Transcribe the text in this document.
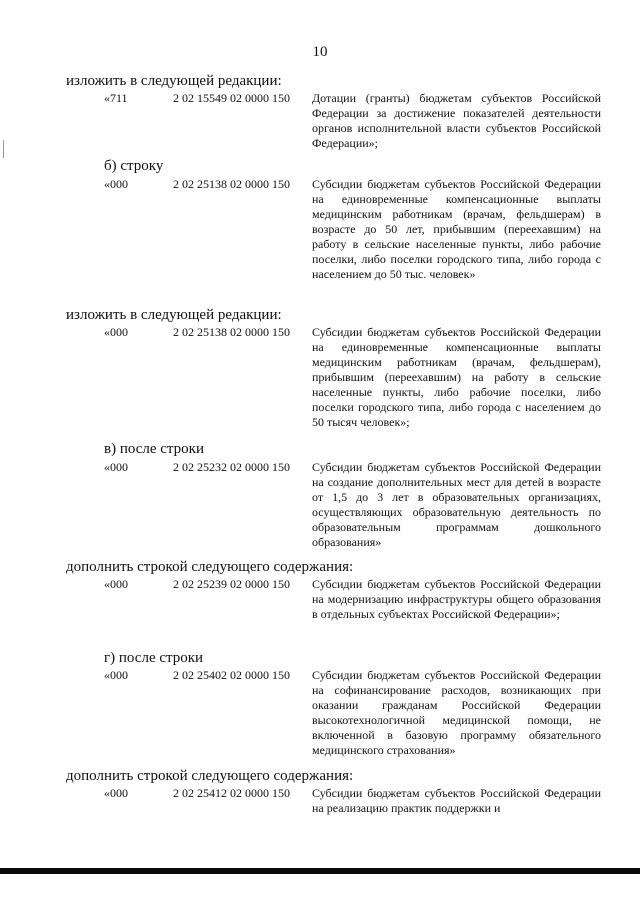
10
изложить в следующей редакции:
«711	2 02 15549 02 0000 150 Дотации (гранты) бюджетам субъектов Российской Федерации за достижение показателей деятельности органов исполнительной власти субъектов Российской Федерации»;
б) строку
«000	2 02 25138 02 0000 150 Субсидии бюджетам субъектов Российской Федерации на единовременные компенсационные выплаты медицинским работникам (врачам, фельдшерам) в возрасте до 50 лет, прибывшим (переехавшим) на работу в сельские населенные пункты, либо рабочие поселки, либо поселки городского типа, либо города с населением до 50 тыс. человек»
изложить в следующей редакции:
«000	2 02 25138 02 0000 150 Субсидии бюджетам субъектов Российской Федерации на единовременные компенсационные выплаты медицинским работникам (врачам, фельдшерам), прибывшим (переехавшим) на работу в сельские населенные пункты, либо рабочие поселки, либо поселки городского типа, либо города с населением до 50 тысяч человек»;
в) после строки
«000	2 02 25232 02 0000 150 Субсидии бюджетам субъектов Российской Федерации на создание дополнительных мест для детей в возрасте от 1,5 до 3 лет в образовательных организациях, осуществляющих образовательную деятельность по образовательным программам дошкольного образования»
дополнить строкой следующего содержания:
«000	2 02 25239 02 0000 150 Субсидии бюджетам субъектов Российской Федерации на модернизацию инфраструктуры общего образования в отдельных субъектах Российской Федерации»;
г) после строки
«000	2 02 25402 02 0000 150 Субсидии бюджетам субъектов Российской Федерации на софинансирование расходов, возникающих при оказании гражданам Российской Федерации высокотехнологичной медицинской помощи, не включенной в базовую программу обязательного медицинского страхования»
дополнить строкой следующего содержания:
«000	2 02 25412 02 0000 150 Субсидии бюджетам субъектов Российской Федерации на реализацию практик поддержки и
